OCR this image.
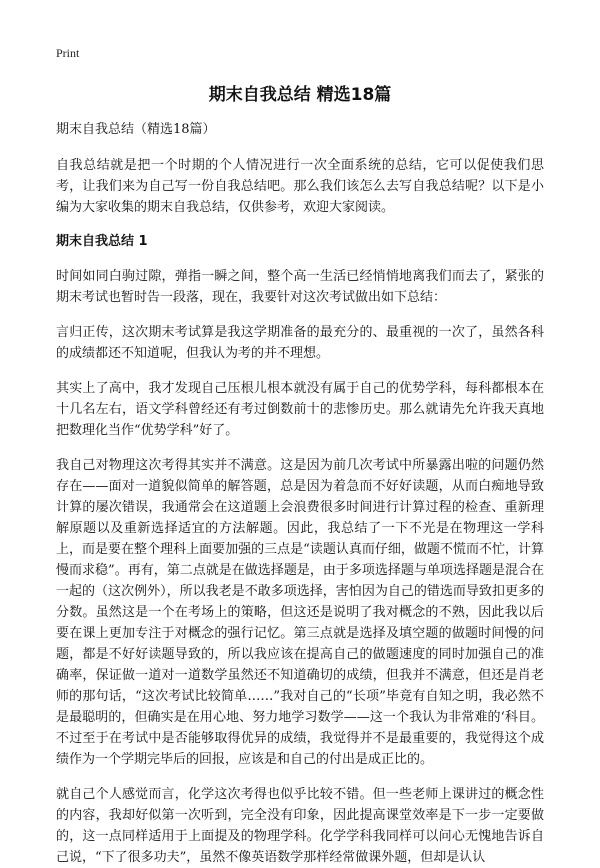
Print
期末自我总结 精选18篇
期末自我总结（精选18篇）

自我总结就是把一个时期的个人情况进行一次全面系统的总结，它可以促使我们思考，让我们来为自己写一份自我总结吧。那么我们该怎么去写自我总结呢？以下是小编为大家收集的期末自我总结，仅供参考，欢迎大家阅读。

期末自我总结 1

时间如同白驹过隙，弹指一瞬之间，整个高一生活已经悄悄地离我们而去了，紧张的期末考试也暂时告一段落，现在，我要针对这次考试做出如下总结：

言归正传，这次期末考试算是我这学期准备的最充分的、最重视的一次了，虽然各科的成绩都还不知道呢，但我认为考的并不理想。

其实上了高中，我才发现自己压根儿根本就没有属于自己的优势学科，每科都根本在十几名左右，语文学科曾经还有考过倒数前十的悲惨历史。那么就请先允许我天真地把数理化当作“优势学科”好了。

我自己对物理这次考得其实并不满意。这是因为前几次考试中所暴露出啦的问题仍然存在——面对一道貌似简单的解答题，总是因为着急而不好好读题，从而白痴地导致计算的屡次错误，我通常会在这道题上会浪费很多时间进行计算过程的检查、重新理解原题以及重新选择适宜的方法解题。因此，我总结了一下不光是在物理这一学科上，而是要在整个理科上面要加强的三点是“读题认真而仔细，做题不慌而不忙，计算慢而求稳”。再有，第二点就是在做选择题是，由于多项选择题与单项选择题是混合在一起的（这次例外），所以我老是不敢多项选择，害怕因为自己的错选而导致扣更多的分数。虽然这是一个在考场上的策略，但这还是说明了我对概念的不熟，因此我以后要在课上更加专注于对概念的强行记忆。第三点就是选择及填空题的做题时间慢的问题，都是不好好读题导致的，所以我应该在提高自己的做题速度的同时加强自己的准确率，保证做一道对一道数学虽然还不知道确切的成绩，但我并不满意，但还是肖老师的那句话，“这次考试比较简单……”我对自己的“长项”毕竟有自知之明，我必然不是最聪明的，但确实是在用心地、努力地学习数学——这一个我认为非常难的‘科目。不过至于在考试中是否能够取得优异的成绩，我觉得并不是最重要的，我觉得这个成绩作为一个学期完毕后的回报，应该是和自己的付出是成正比的。

就自己个人感觉而言，化学这次考得也似乎比较不错。但一些老师上课讲过的概念性的内容，我却好似第一次听到，完全没有印象，因此提高课堂效率是下一步一定要做的，这一点同样适用于上面提及的物理学科。化学学科我同样可以问心无愧地告诉自己说，“下了很多功夫”，虽然不像英语数学那样经常做课外题，但却是认认
